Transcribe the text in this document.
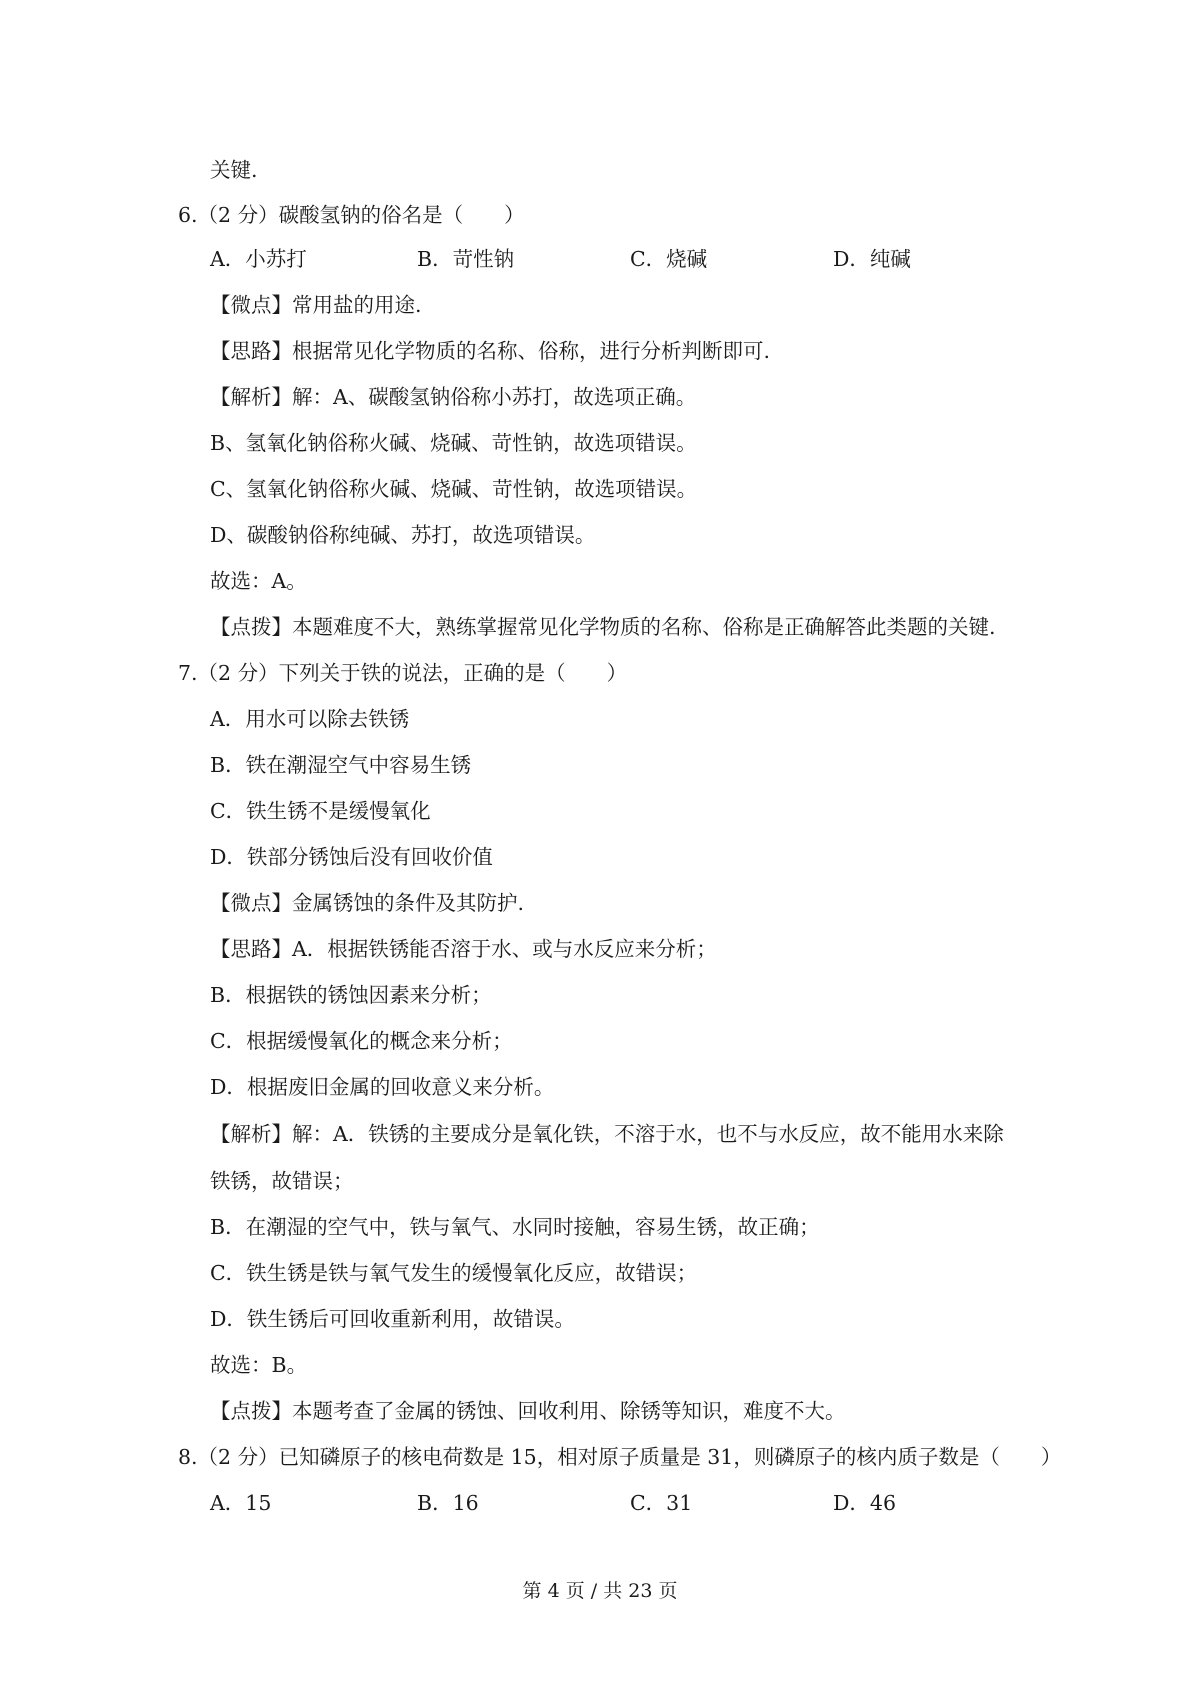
关键.
6.（2 分）碳酸氢钠的俗名是（　　）
A．小苏打	B．苛性钠	C．烧碱	D．纯碱
【微点】常用盐的用途.
【思路】根据常见化学物质的名称、俗称，进行分析判断即可.
【解析】解：A、碳酸氢钠俗称小苏打，故选项正确。
B、氢氧化钠俗称火碱、烧碱、苛性钠，故选项错误。
C、氢氧化钠俗称火碱、烧碱、苛性钠，故选项错误。
D、碳酸钠俗称纯碱、苏打，故选项错误。
故选：A。
【点拨】本题难度不大，熟练掌握常见化学物质的名称、俗称是正确解答此类题的关键.
7.（2 分）下列关于铁的说法，正确的是（　　）
A．用水可以除去铁锈
B．铁在潮湿空气中容易生锈
C．铁生锈不是缓慢氧化
D．铁部分锈蚀后没有回收价值
【微点】金属锈蚀的条件及其防护.
【思路】A．根据铁锈能否溶于水、或与水反应来分析；
B．根据铁的锈蚀因素来分析；
C．根据缓慢氧化的概念来分析；
D．根据废旧金属的回收意义来分析。
【解析】解：A．铁锈的主要成分是氧化铁，不溶于水，也不与水反应，故不能用水来除
铁锈，故错误；
B．在潮湿的空气中，铁与氧气、水同时接触，容易生锈，故正确；
C．铁生锈是铁与氧气发生的缓慢氧化反应，故错误；
D．铁生锈后可回收重新利用，故错误。
故选：B。
【点拨】本题考查了金属的锈蚀、回收利用、除锈等知识，难度不大。
8.（2 分）已知磷原子的核电荷数是 15，相对原子质量是 31，则磷原子的核内质子数是（　　）
A．15	B．16	C．31	D．46
第 4 页 / 共 23 页
